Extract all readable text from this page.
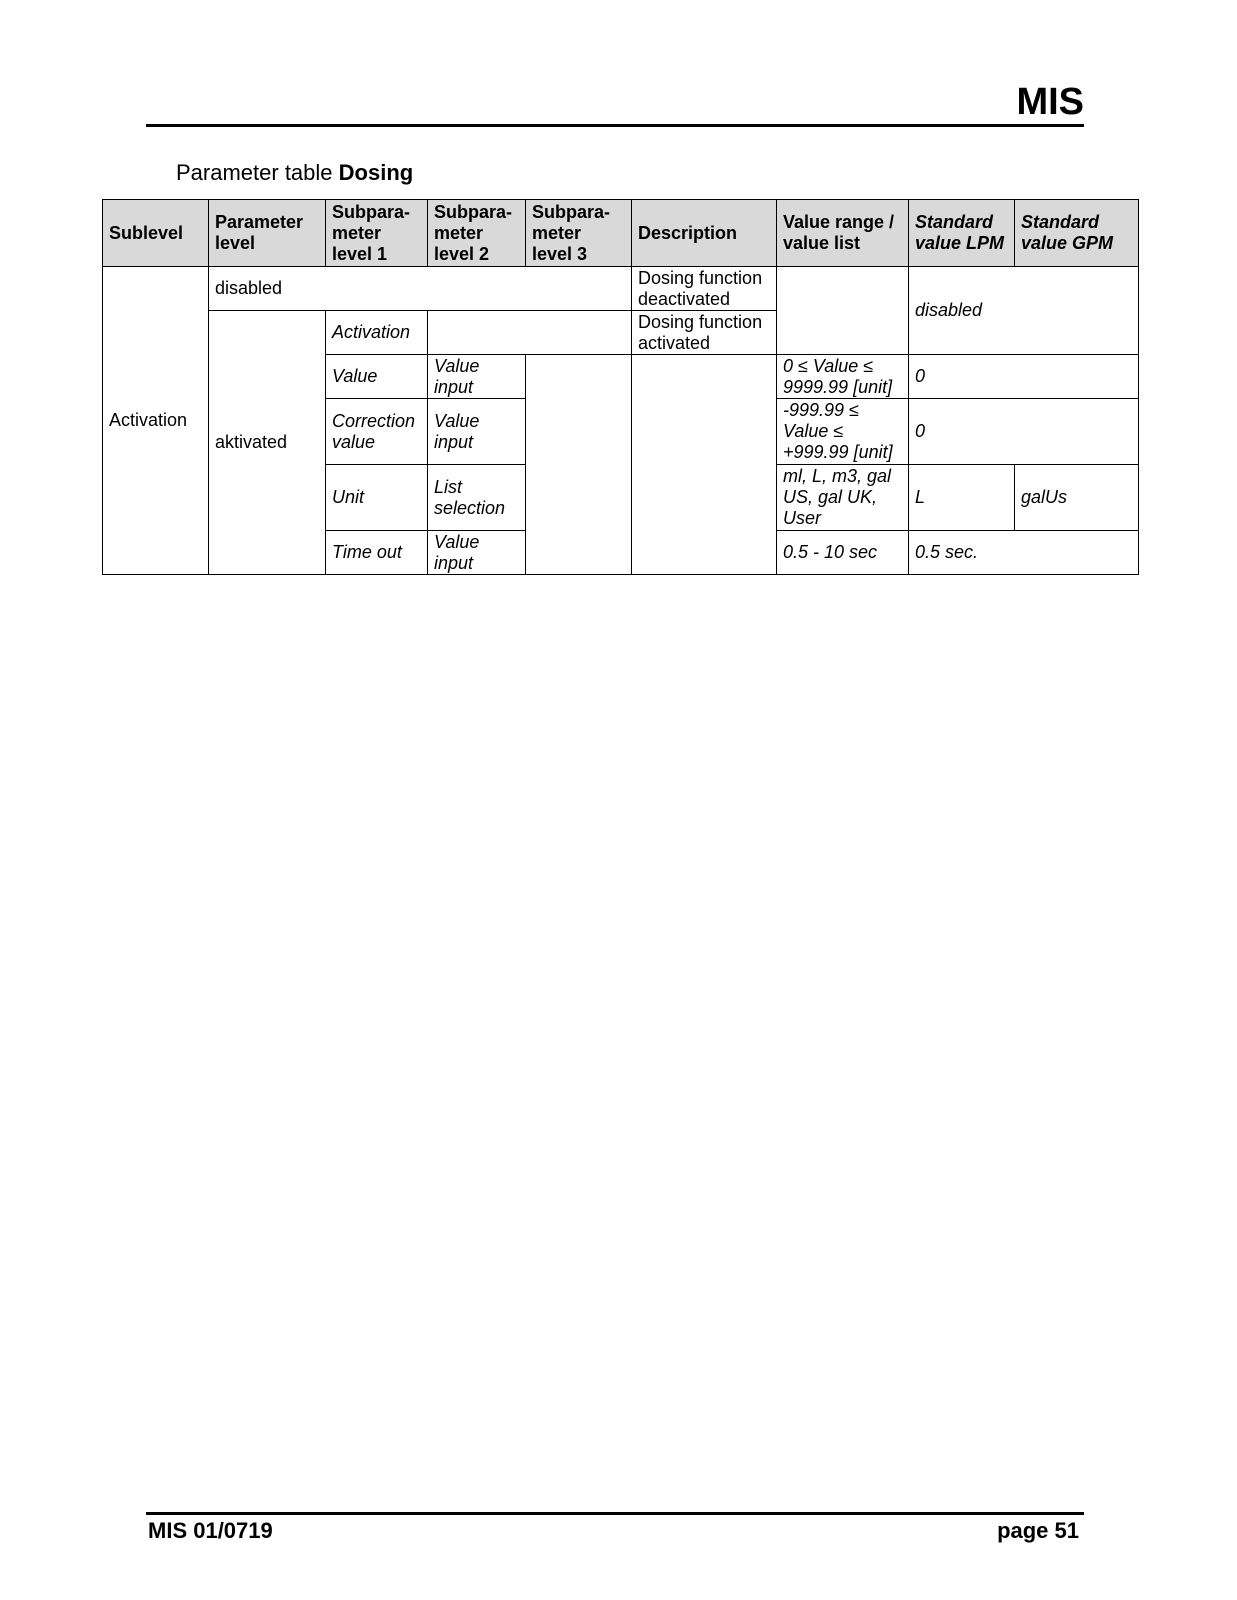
MIS
Parameter table Dosing
Sublevel	Parameter level	Subpara-meter level 1	Subpara-meter level 2	Subpara-meter level 3	Description	Value range / value list	Standard value LPM	Standard value GPM
Activation	disabled				Dosing function deactivated		disabled	
	aktivated	Activation			Dosing function activated			
		Value	Value input			0 ≤ Value ≤ 9999.99 [unit]	0	
		Correction value	Value input			-999.99 ≤ Value ≤ +999.99 [unit]	0	
		Unit	List selection			ml, L, m3, gal US, gal UK, User	L	galUs
		Time out	Value input			0.5 - 10 sec	0.5 sec.	
MIS 01/0719	page 51
